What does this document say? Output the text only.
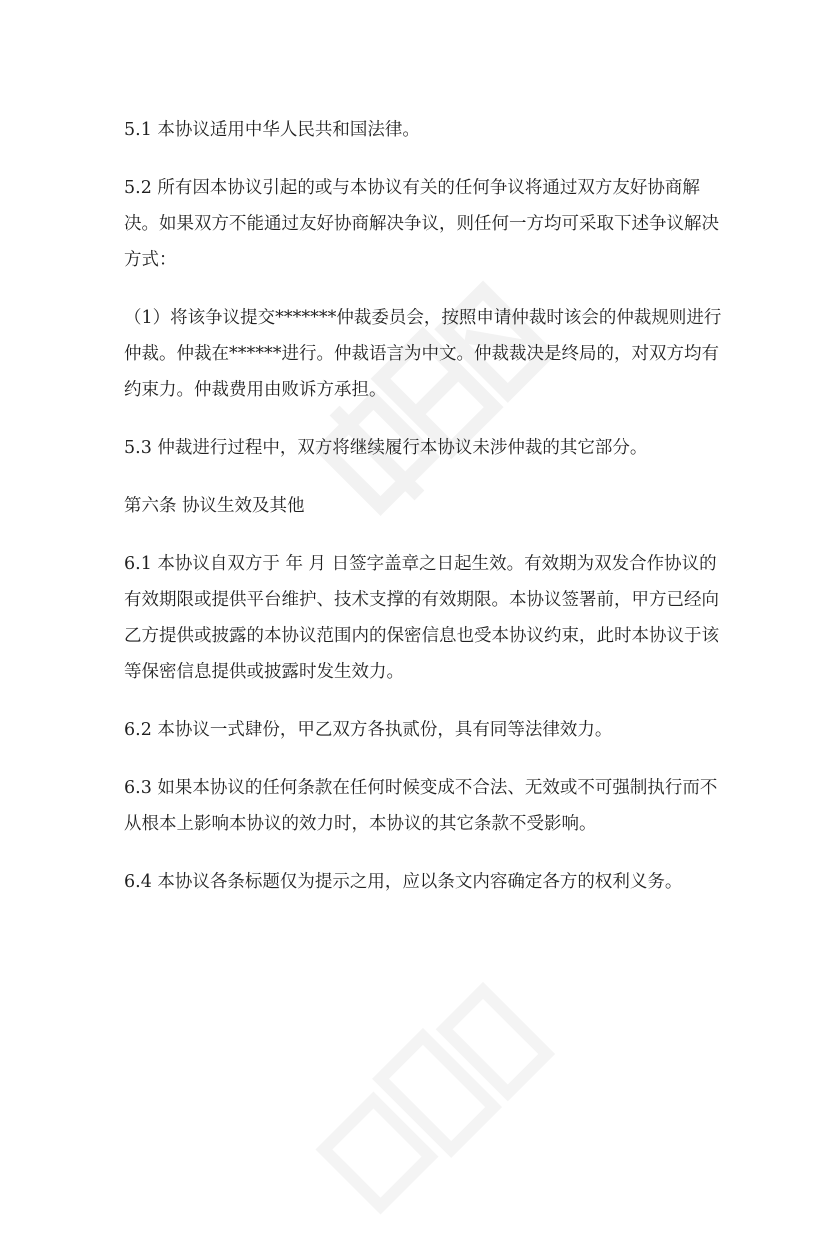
5.1 本协议适用中华人民共和国法律。

5.2 所有因本协议引起的或与本协议有关的任何争议将通过双方友好协商解

决。如果双方不能通过友好协商解决争议，则任何一方均可采取下述争议解决

方式：

（1）将该争议提交*******仲裁委员会，按照申请仲裁时该会的仲裁规则进行

仲裁。仲裁在******进行。仲裁语言为中文。仲裁裁决是终局的，对双方均有

约束力。仲裁费用由败诉方承担。

5.3 仲裁进行过程中，双方将继续履行本协议未涉仲裁的其它部分。

第六条 协议生效及其他

6.1 本协议自双方于 年 月 日签字盖章之日起生效。有效期为双发合作协议的

有效期限或提供平台维护、技术支撑的有效期限。本协议签署前，甲方已经向

乙方提供或披露的本协议范围内的保密信息也受本协议约束，此时本协议于该

等保密信息提供或披露时发生效力。

6.2 本协议一式肆份，甲乙双方各执贰份，具有同等法律效力。

6.3 如果本协议的任何条款在任何时候变成不合法、无效或不可强制执行而不

从根本上影响本协议的效力时，本协议的其它条款不受影响。

6.4 本协议各条标题仅为提示之用，应以条文内容确定各方的权利义务。
